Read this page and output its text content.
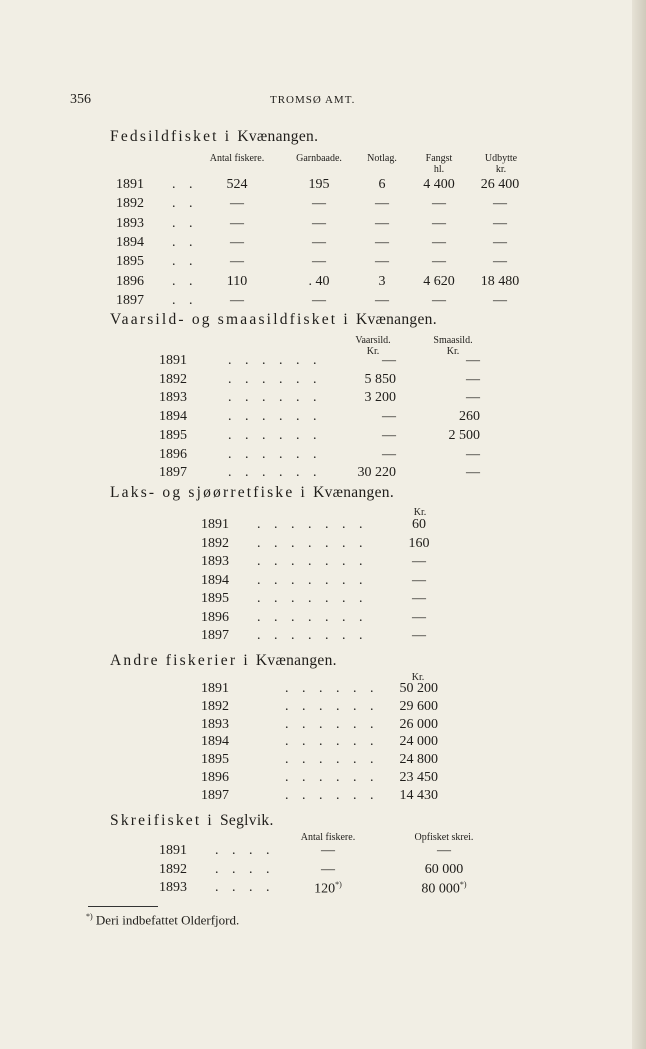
356	TROMSØ AMT.
Fedsildfisket i Kvænangen.
Antal fiskere.	Garnbaade.	Notlag.	Fangst
hl.
Udbytte
kr.
1891 . .	524	195	6	4 400	26 400
1892 . .	—	—	—	—	—
1893 . .	—	—	—	—	—
1894 . .	—	—	—	—	—
1895 . .	—	—	—	—	—
1896 . .	110	. 40	3	4 620	18 480
1897 . .	—	—	—	—	—
Vaarsild- og smaasildfisket i Kvænangen.
Vaarsild.
Kr.
Smaasild.
Kr.
1891	. . . . . .	—	—
1892	. . . . . .	5 850	—
1893	. . . . . .	3 200	—
1894	. . . . . .	—	260
1895	. . . . . .	—	2 500
1896	. . . . . .	—	—
1897	. . . . . .	30 220	—
Laks- og sjøørretfiske i Kvænangen.
Kr.
1891 . . . . . . .	60
1892 . . . . . . .	160
1893 . . . . . . .	—
1894 . . . . . . .	—
1895 . . . . . . .	—
1896 . . . . . . .	—
1897 . . . . . . .	—
Andre fiskerier i Kvænangen.
Kr.
1891	. . . . . .	50 200
1892	. . . . . .	29 600
1893	. . . . . .	26 000
1894	. . . . . .	24 000
1895	. . . . . .	24 800
1896	. . . . . .	23 450
1897	. . . . . .	14 430
Skreifisket i Seglvik.
Antal fiskere.	Opfisket skrei.
1891 . . . .	—	—
1892 . . . .	—	60 000
1893 . . . .	120*)	80 000*)
*) Deri indbefattet Olderfjord.
